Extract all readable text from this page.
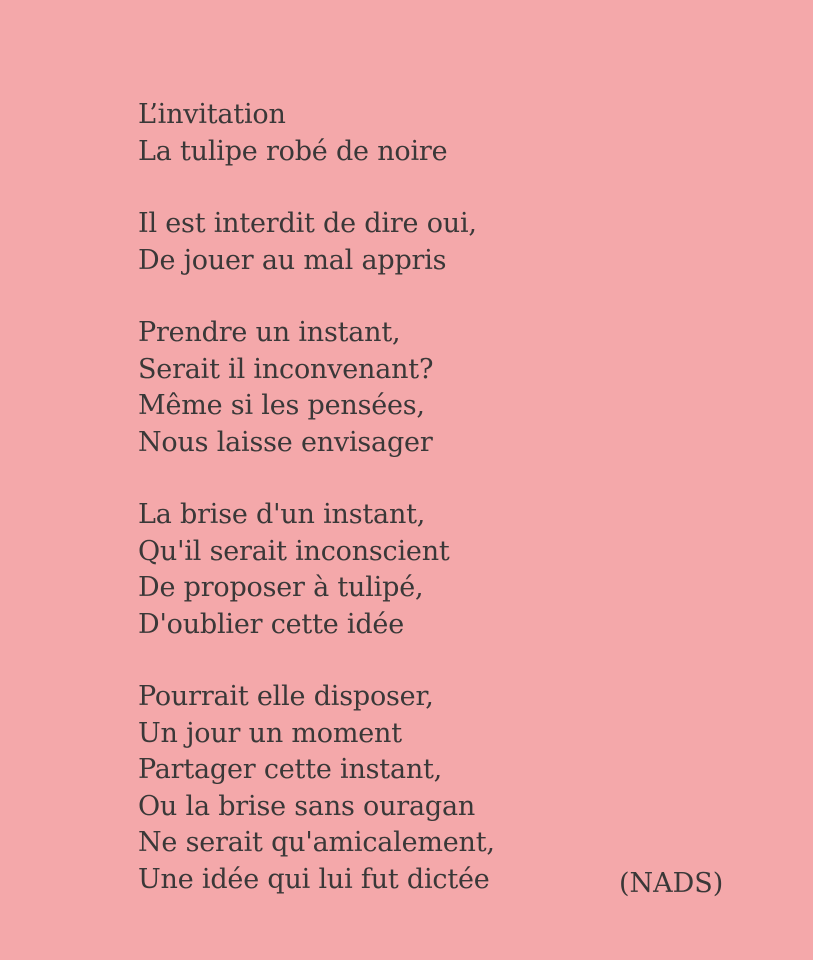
L’invitation
La tulipe robé de noire
Il est interdit de dire oui,
De jouer au mal appris
Prendre un instant,
Serait il inconvenant?
Même si les pensées,
Nous laisse envisager
La brise d'un instant,
Qu'il serait inconscient
De proposer à tulipé,
D'oublier cette idée
Pourrait elle disposer,
Un jour un moment
Partager cette instant,
Ou la brise sans ouragan
Ne serait qu'amicalement,
Une idée qui lui fut dictée	(NADS)
